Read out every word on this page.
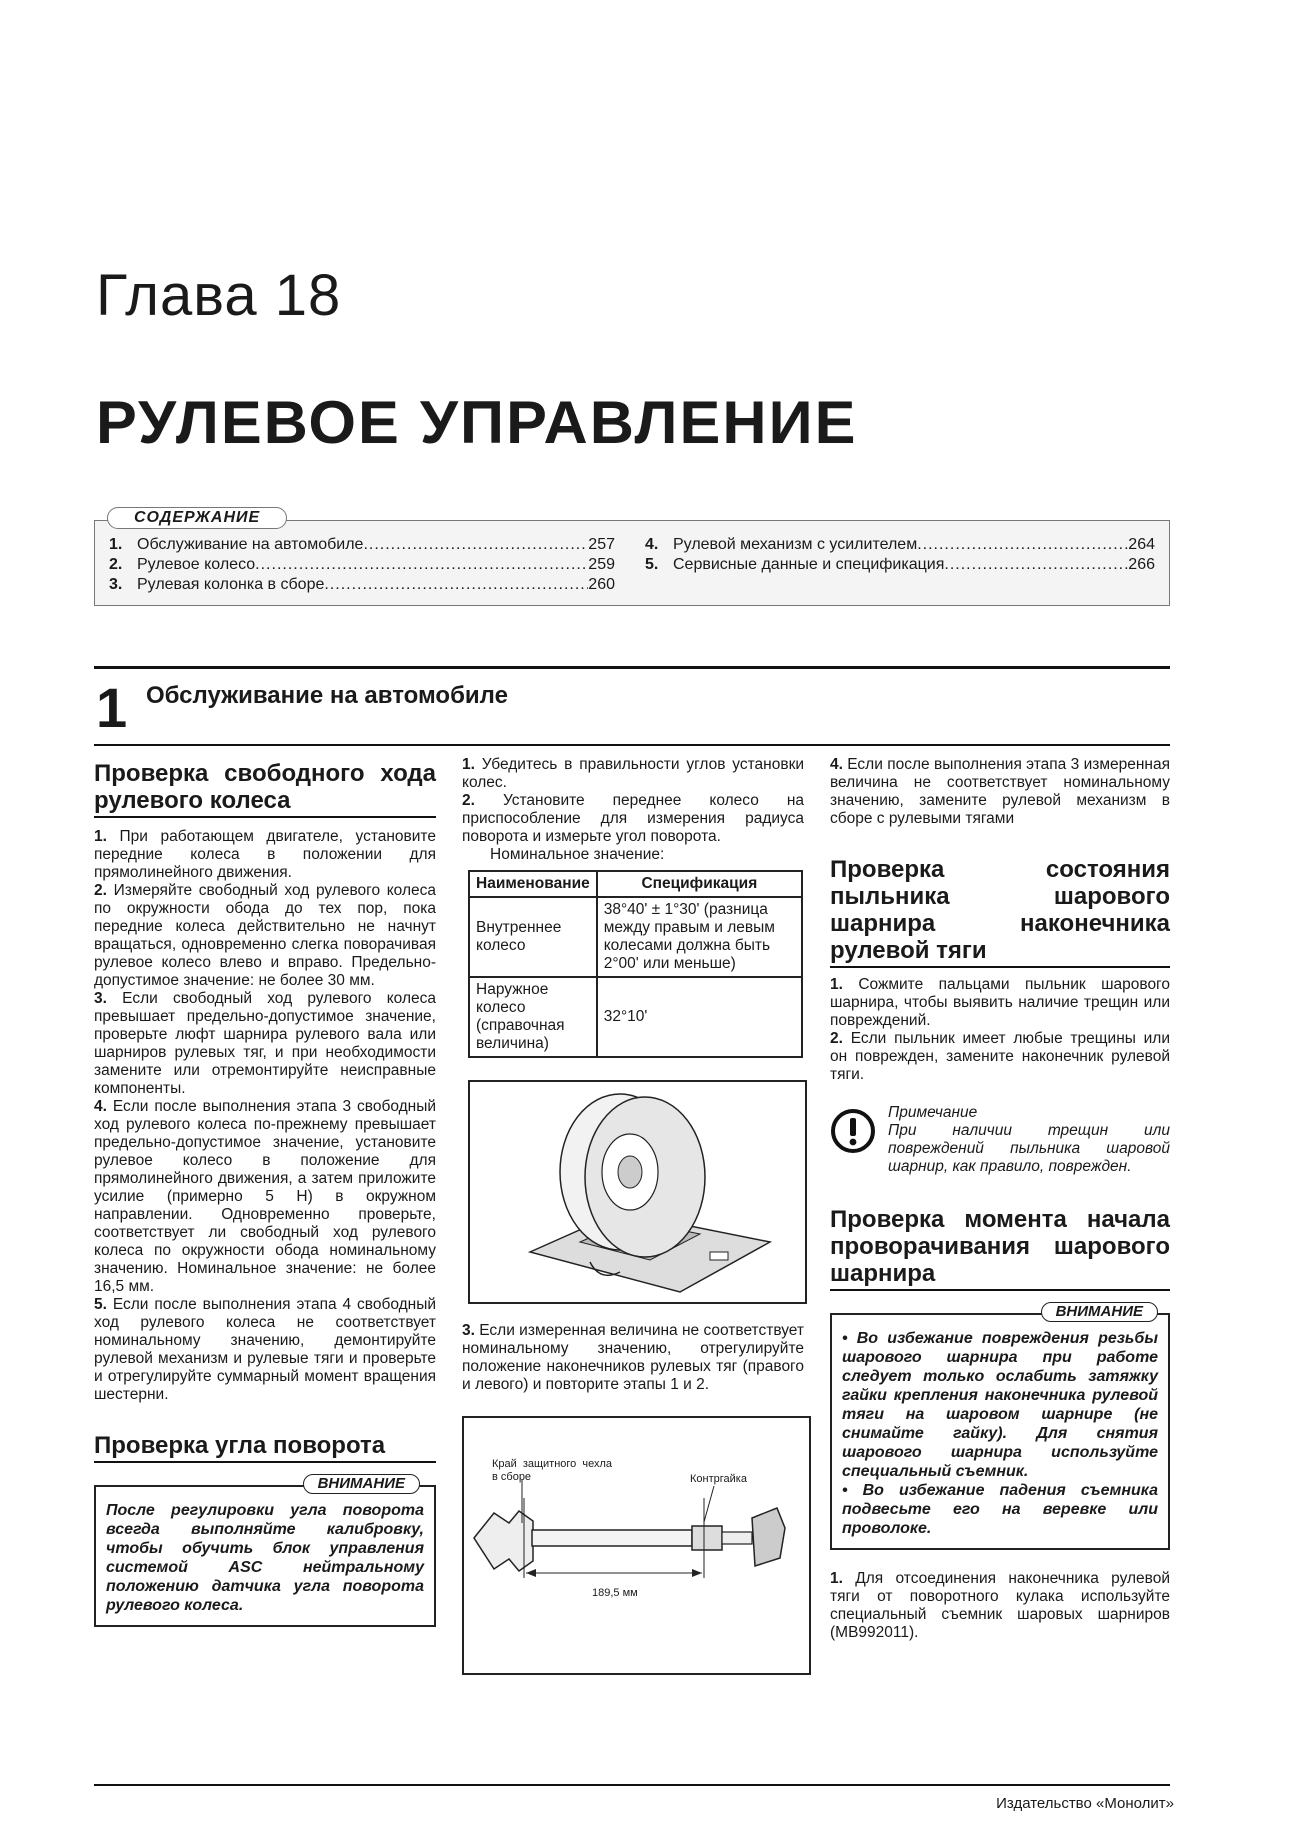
Глава 18
РУЛЕВОЕ УПРАВЛЕНИЕ
СОДЕРЖАНИЕ
1. Обслуживание на автомобиле .....	257
2. Рулевое колесо .....	259
3. Рулевая колонка в сборе .....	260
4. Рулевой механизм с усилителем .....	264
5. Сервисные данные и спецификация .....	266
1 Обслуживание на автомобиле
Проверка свободного хода рулевого колеса

1. При работающем двигателе, установите передние колеса в положении для прямолинейного движения.

2. Измеряйте свободный ход рулевого колеса по окружности обода до тех пор, пока передние колеса действительно не начнут вращаться, одновременно слегка поворачивая рулевое колесо влево и вправо. Предельно-допустимое значение: не более 30 мм.

3. Если свободный ход рулевого колеса превышает предельно-допустимое значение, проверьте люфт шарнира рулевого вала или шарниров рулевых тяг, и при необходимости замените или отремонтируйте неисправные компоненты.

4. Если после выполнения этапа 3 свободный ход рулевого колеса по-прежнему превышает предельно-допустимое значение, установите рулевое колесо в положение для прямолинейного движения, а затем приложите усилие (примерно 5 Н) в окружном направлении. Одновременно проверьте, соответствует ли свободный ход рулевого колеса по окружности обода номинальному значению. Номинальное значение: не более 16,5 мм.

5. Если после выполнения этапа 4 свободный ход рулевого колеса не соответствует номинальному значению, демонтируйте рулевой механизм и рулевые тяги и проверьте и отрегулируйте суммарный момент вращения шестерни.

Проверка угла поворота
ВНИМАНИЕ
После регулировки угла поворота всегда выполняйте калибровку, чтобы обучить блок управления системой ASC нейтральному положению датчика угла поворота рулевого колеса.

1. Убедитесь в правильности углов установки колес.

2. Установите переднее колесо на приспособление для измерения радиуса поворота и измерьте угол поворота.

Номинальное значение:

Наименование	Спецификация
Внутреннее колесо	38°40' ± 1°30' (разница между правым и левым колесами должна быть 2°00' или меньше)
Наружное колесо (справочная величина)	32°10'

3. Если измеренная величина не соответствует номинальному значению, отрегулируйте положение наконечников рулевых тяг (правого и левого) и повторите этапы 1 и 2.

Край защитного чехла в сборе	Контргайка
189,5 мм

4. Если после выполнения этапа 3 измеренная величина не соответствует номинальному значению, замените рулевой механизм в сборе с рулевыми тягами

Проверка состояния пыльника шарового шарнира наконечника рулевой тяги

1. Сожмите пальцами пыльник шарового шарнира, чтобы выявить наличие трещин или повреждений.

2. Если пыльник имеет любые трещины или он поврежден, замените наконечник рулевой тяги.

Примечание
При наличии трещин или повреждений пыльника шаровой шарнир, как правило, поврежден.
Проверка момента начала проворачивания шарового шарнира
ВНИМАНИЕ
• Во избежание повреждения резьбы шарового шарнира при работе следует только ослабить затяжку гайки крепления наконечника рулевой тяги на шаровом шарнире (не снимайте гайку). Для снятия шарового шарнира используйте специальный съемник.
• Во избежание падения съемника подвесьте его на веревке или проволоке.

1. Для отсоединения наконечника рулевой тяги от поворотного кулака используйте специальный съемник шаровых шарниров (MB992011).

Издательство «Монолит»
